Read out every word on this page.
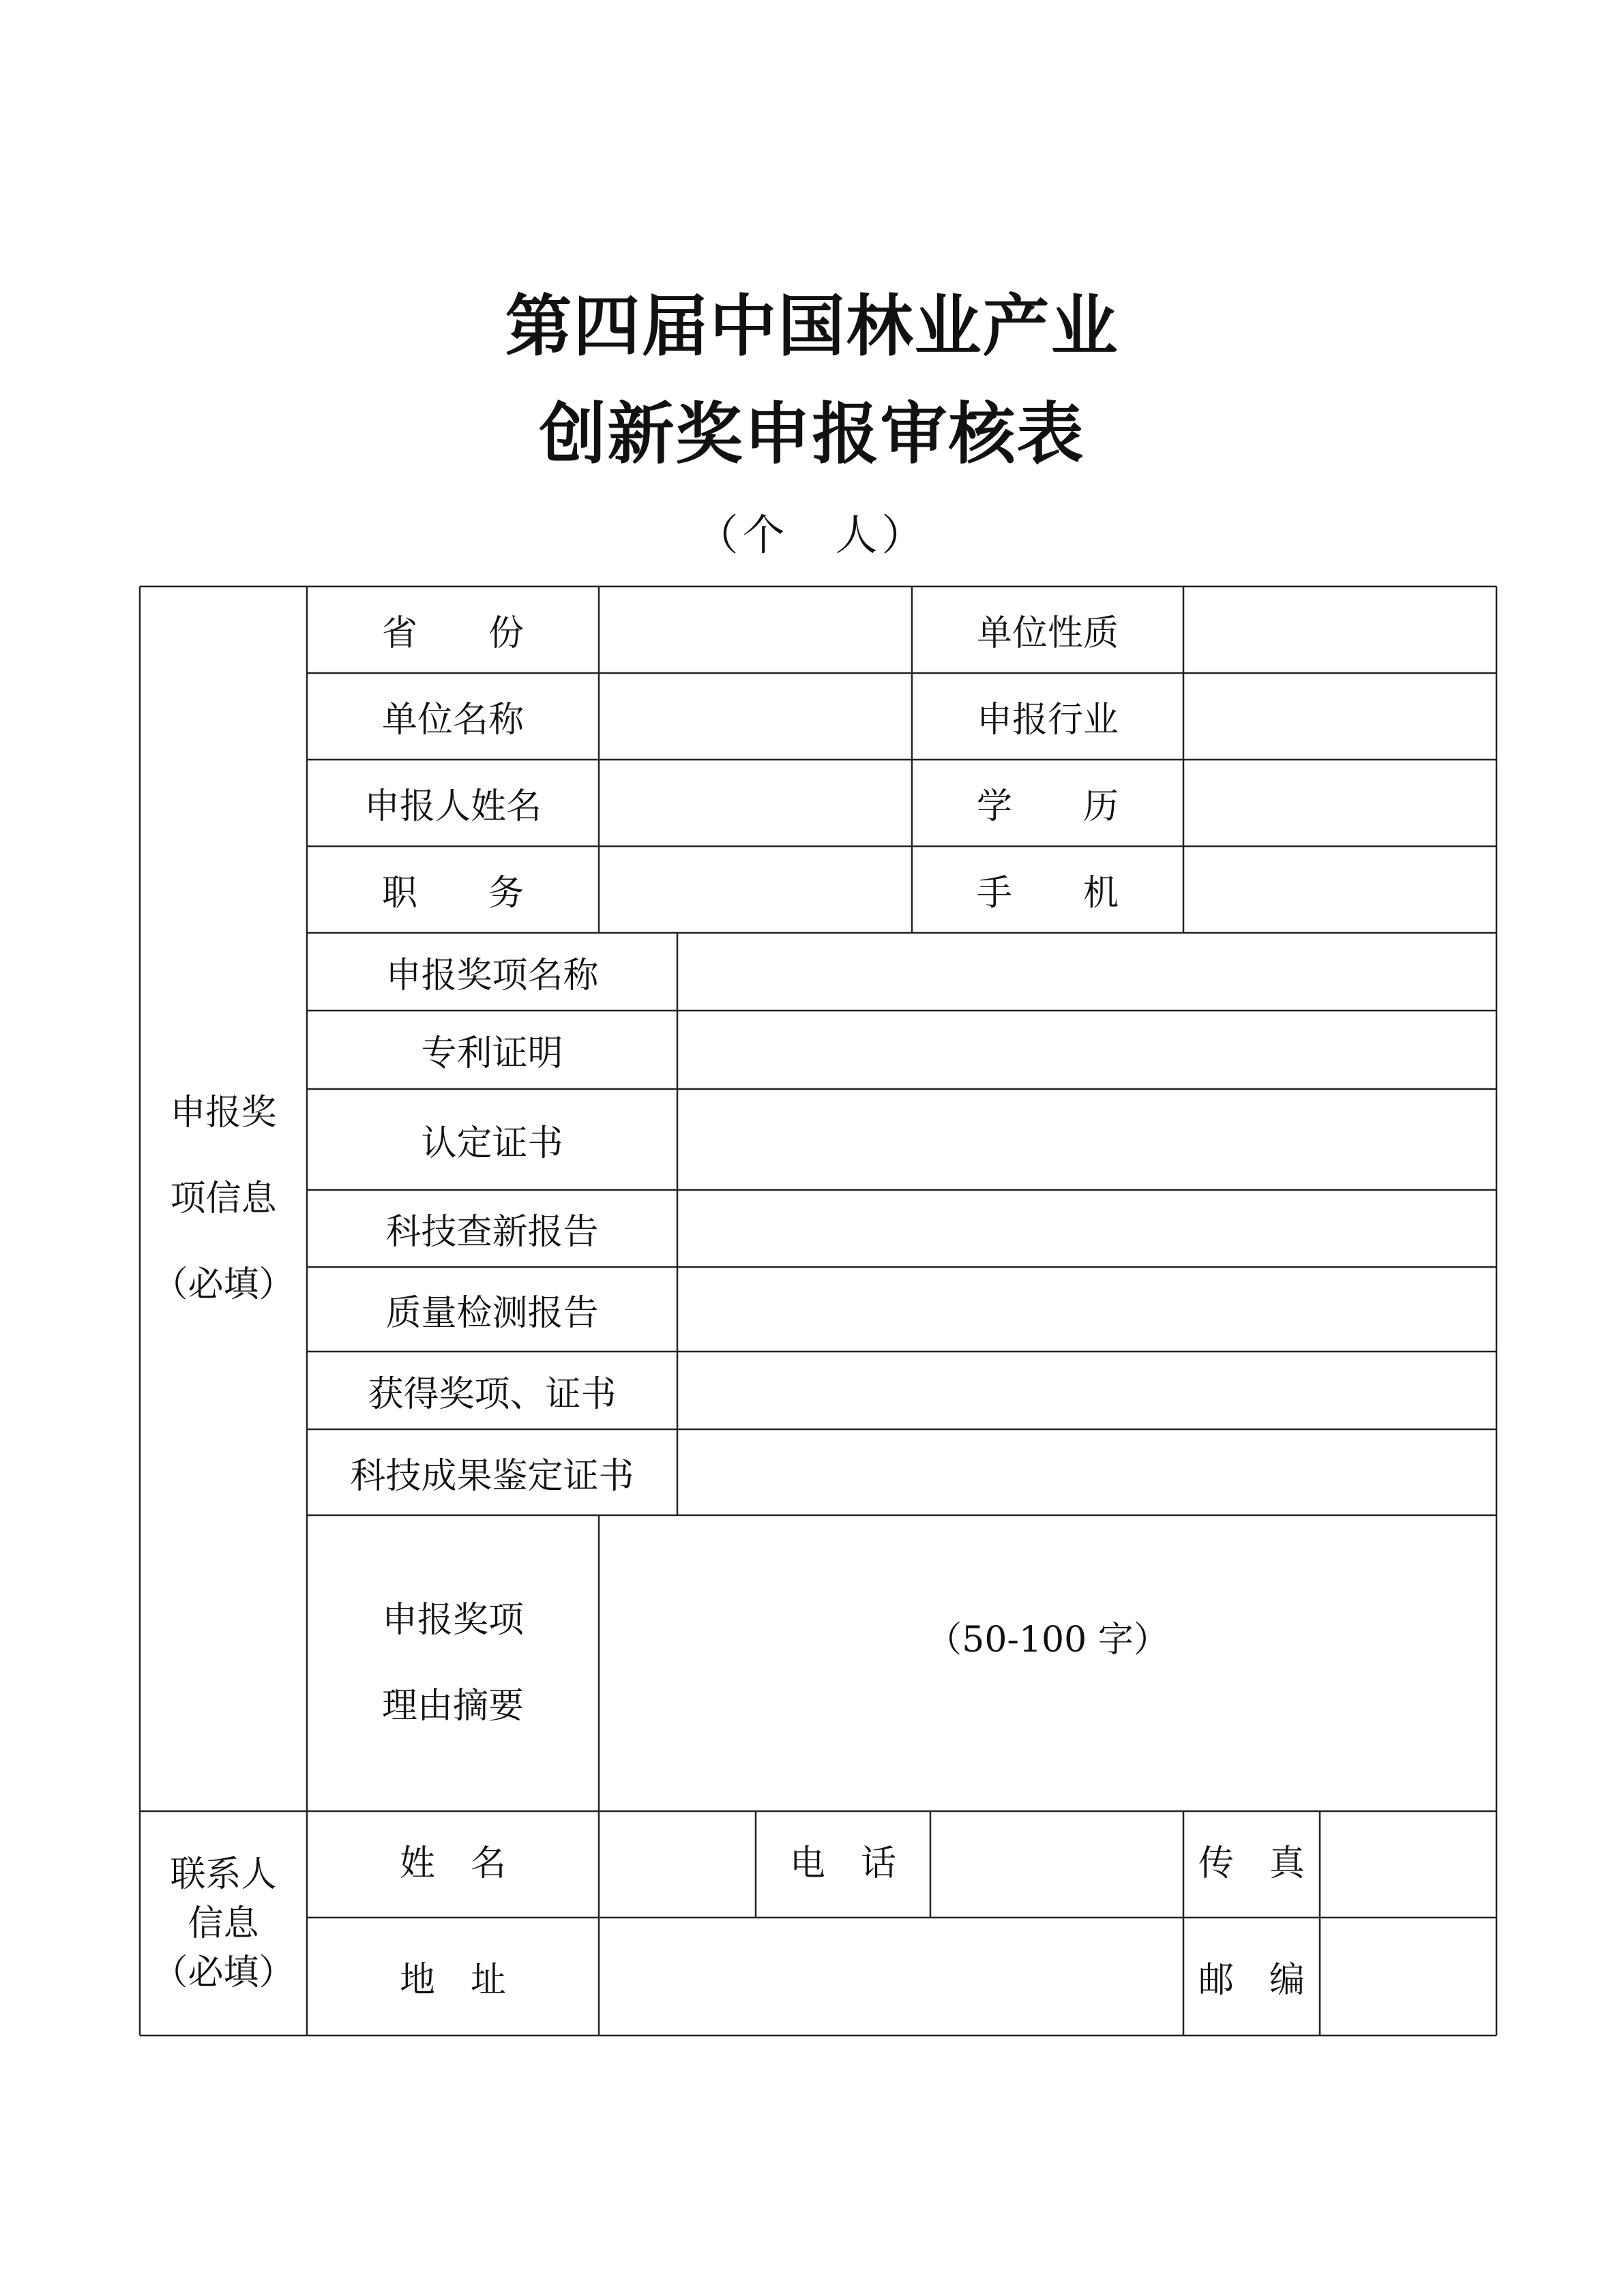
第四届中国林业产业
创新奖申报审核表
（个　人）
申报奖
项信息
（必填）
省　　份	单位性质
单位名称	申报行业
申报人姓名	学　　历
职　　务	手　　机
申报奖项名称
专利证明
认定证书
科技查新报告
质量检测报告
获得奖项、证书
科技成果鉴定证书
申报奖项
理由摘要
（50-100 字）
联系人
信息
（必填）
姓　名	电　话	传　真
地　址	邮　编
